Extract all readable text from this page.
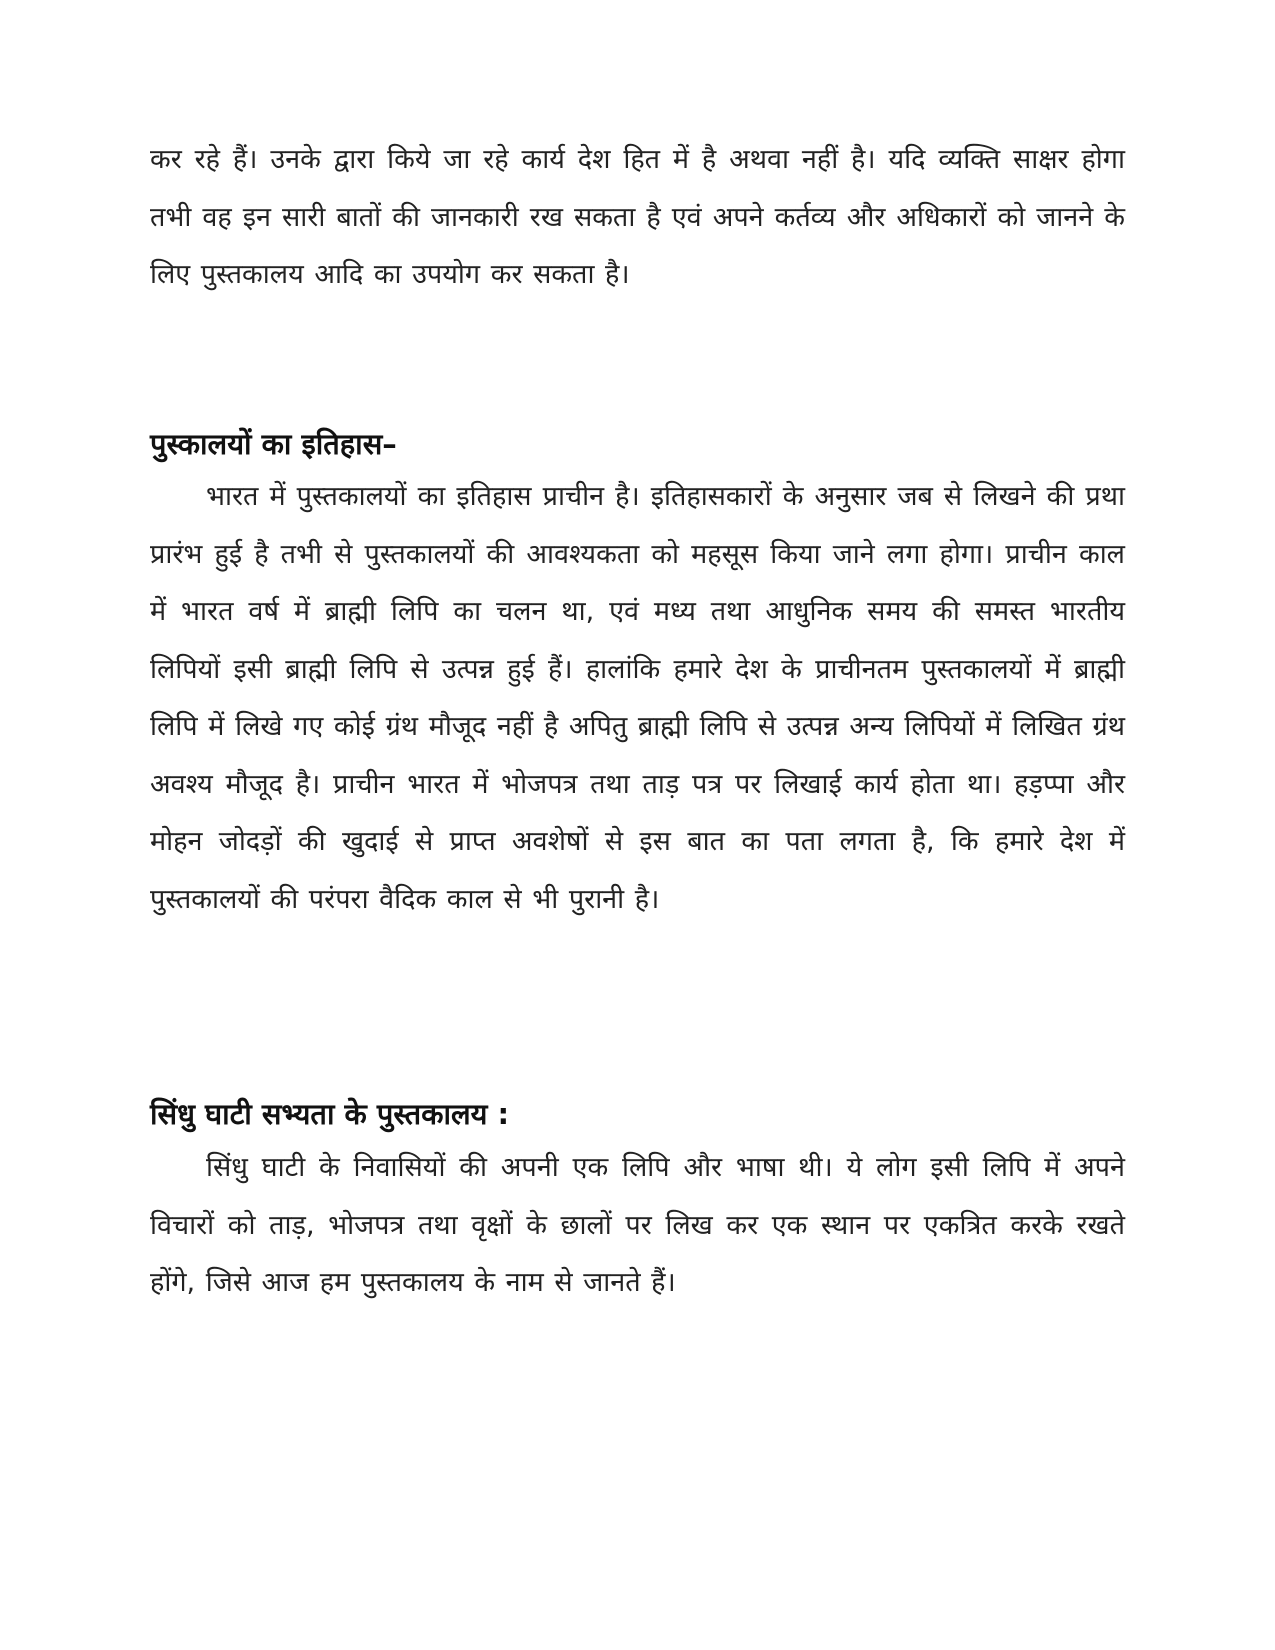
कर रहे हैं। उनके द्वारा किये जा रहे कार्य देश हित में है अथवा नहीं है। यदि व्यक्ति साक्षर होगा तभी वह इन सारी बातों की जानकारी रख सकता है एवं अपने कर्तव्य और अधिकारों को जानने के लिए पुस्तकालय आदि का उपयोग कर सकता है।

पुस्कालयों का इतिहास–

भारत में पुस्तकालयों का इतिहास प्राचीन है। इतिहासकारों के अनुसार जब से लिखने की प्रथा प्रारंभ हुई है तभी से पुस्तकालयों की आवश्यकता को महसूस किया जाने लगा होगा। प्राचीन काल में भारत वर्ष में ब्राह्मी लिपि का चलन था, एवं मध्य तथा आधुनिक समय की समस्त भारतीय लिपियों इसी ब्राह्मी लिपि से उत्पन्न हुई हैं। हालांकि हमारे देश के प्राचीनतम पुस्तकालयों में ब्राह्मी लिपि में लिखे गए कोई ग्रंथ मौजूद नहीं है अपितु ब्राह्मी लिपि से उत्पन्न अन्य लिपियों में लिखित ग्रंथ अवश्य मौजूद है। प्राचीन भारत में भोजपत्र तथा ताड़ पत्र पर लिखाई कार्य होता था। हड़प्पा और मोहन जोदड़ों की खुदाई से प्राप्त अवशेषों से इस बात का पता लगता है, कि हमारे देश में पुस्तकालयों की परंपरा वैदिक काल से भी पुरानी है।

सिंधु घाटी सभ्यता के पुस्तकालय :

सिंधु घाटी के निवासियों की अपनी एक लिपि और भाषा थी। ये लोग इसी लिपि में अपने विचारों को ताड़, भोजपत्र तथा वृक्षों के छालों पर लिख कर एक स्थान पर एकत्रित करके रखते होंगे, जिसे आज हम पुस्तकालय के नाम से जानते हैं।
